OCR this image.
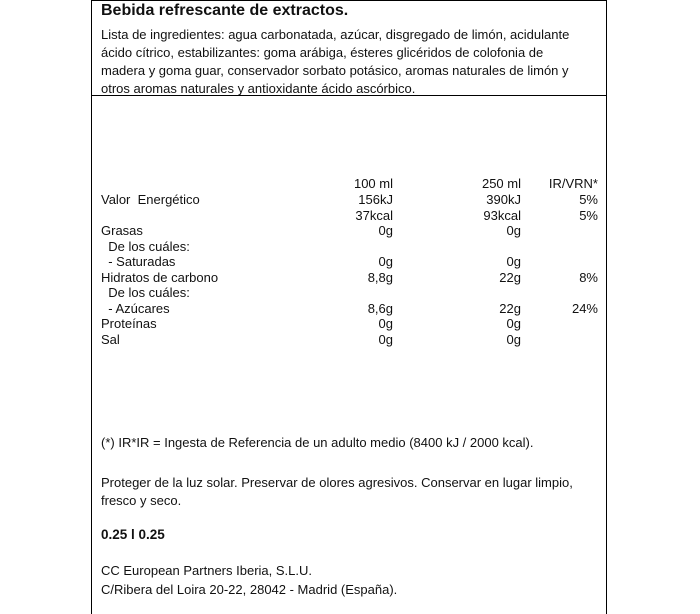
Bebida refrescante de extractos.
Lista de ingredientes: agua carbonatada, azúcar, disgregado de limón, acidulante ácido cítrico, estabilizantes: goma arábiga, ésteres glicéridos de colofonia de madera y goma guar, conservador sorbato potásico, aromas naturales de limón y otros aromas naturales y antioxidante ácido ascórbico.
100 ml	250 ml IR/VRN*
Valor  Energético	156kJ	390kJ	5%
37kcal	93kcal	5%
Grasas	0g	0g
De los cuáles:
- Saturadas	0g	0g
Hidratos de carbono	8,8g	22g	8%
De los cuáles:
- Azúcares	8,6g	22g	24%
Proteínas	0g	0g
Sal	0g	0g
(*) IR*IR = Ingesta de Referencia de un adulto medio (8400 kJ / 2000 kcal).
Proteger de la luz solar. Preservar de olores agresivos. Conservar en lugar limpio, fresco y seco.
0.25 l 0.25
CC European Partners Iberia, S.L.U.
C/Ribera del Loira 20-22, 28042 - Madrid (España).
